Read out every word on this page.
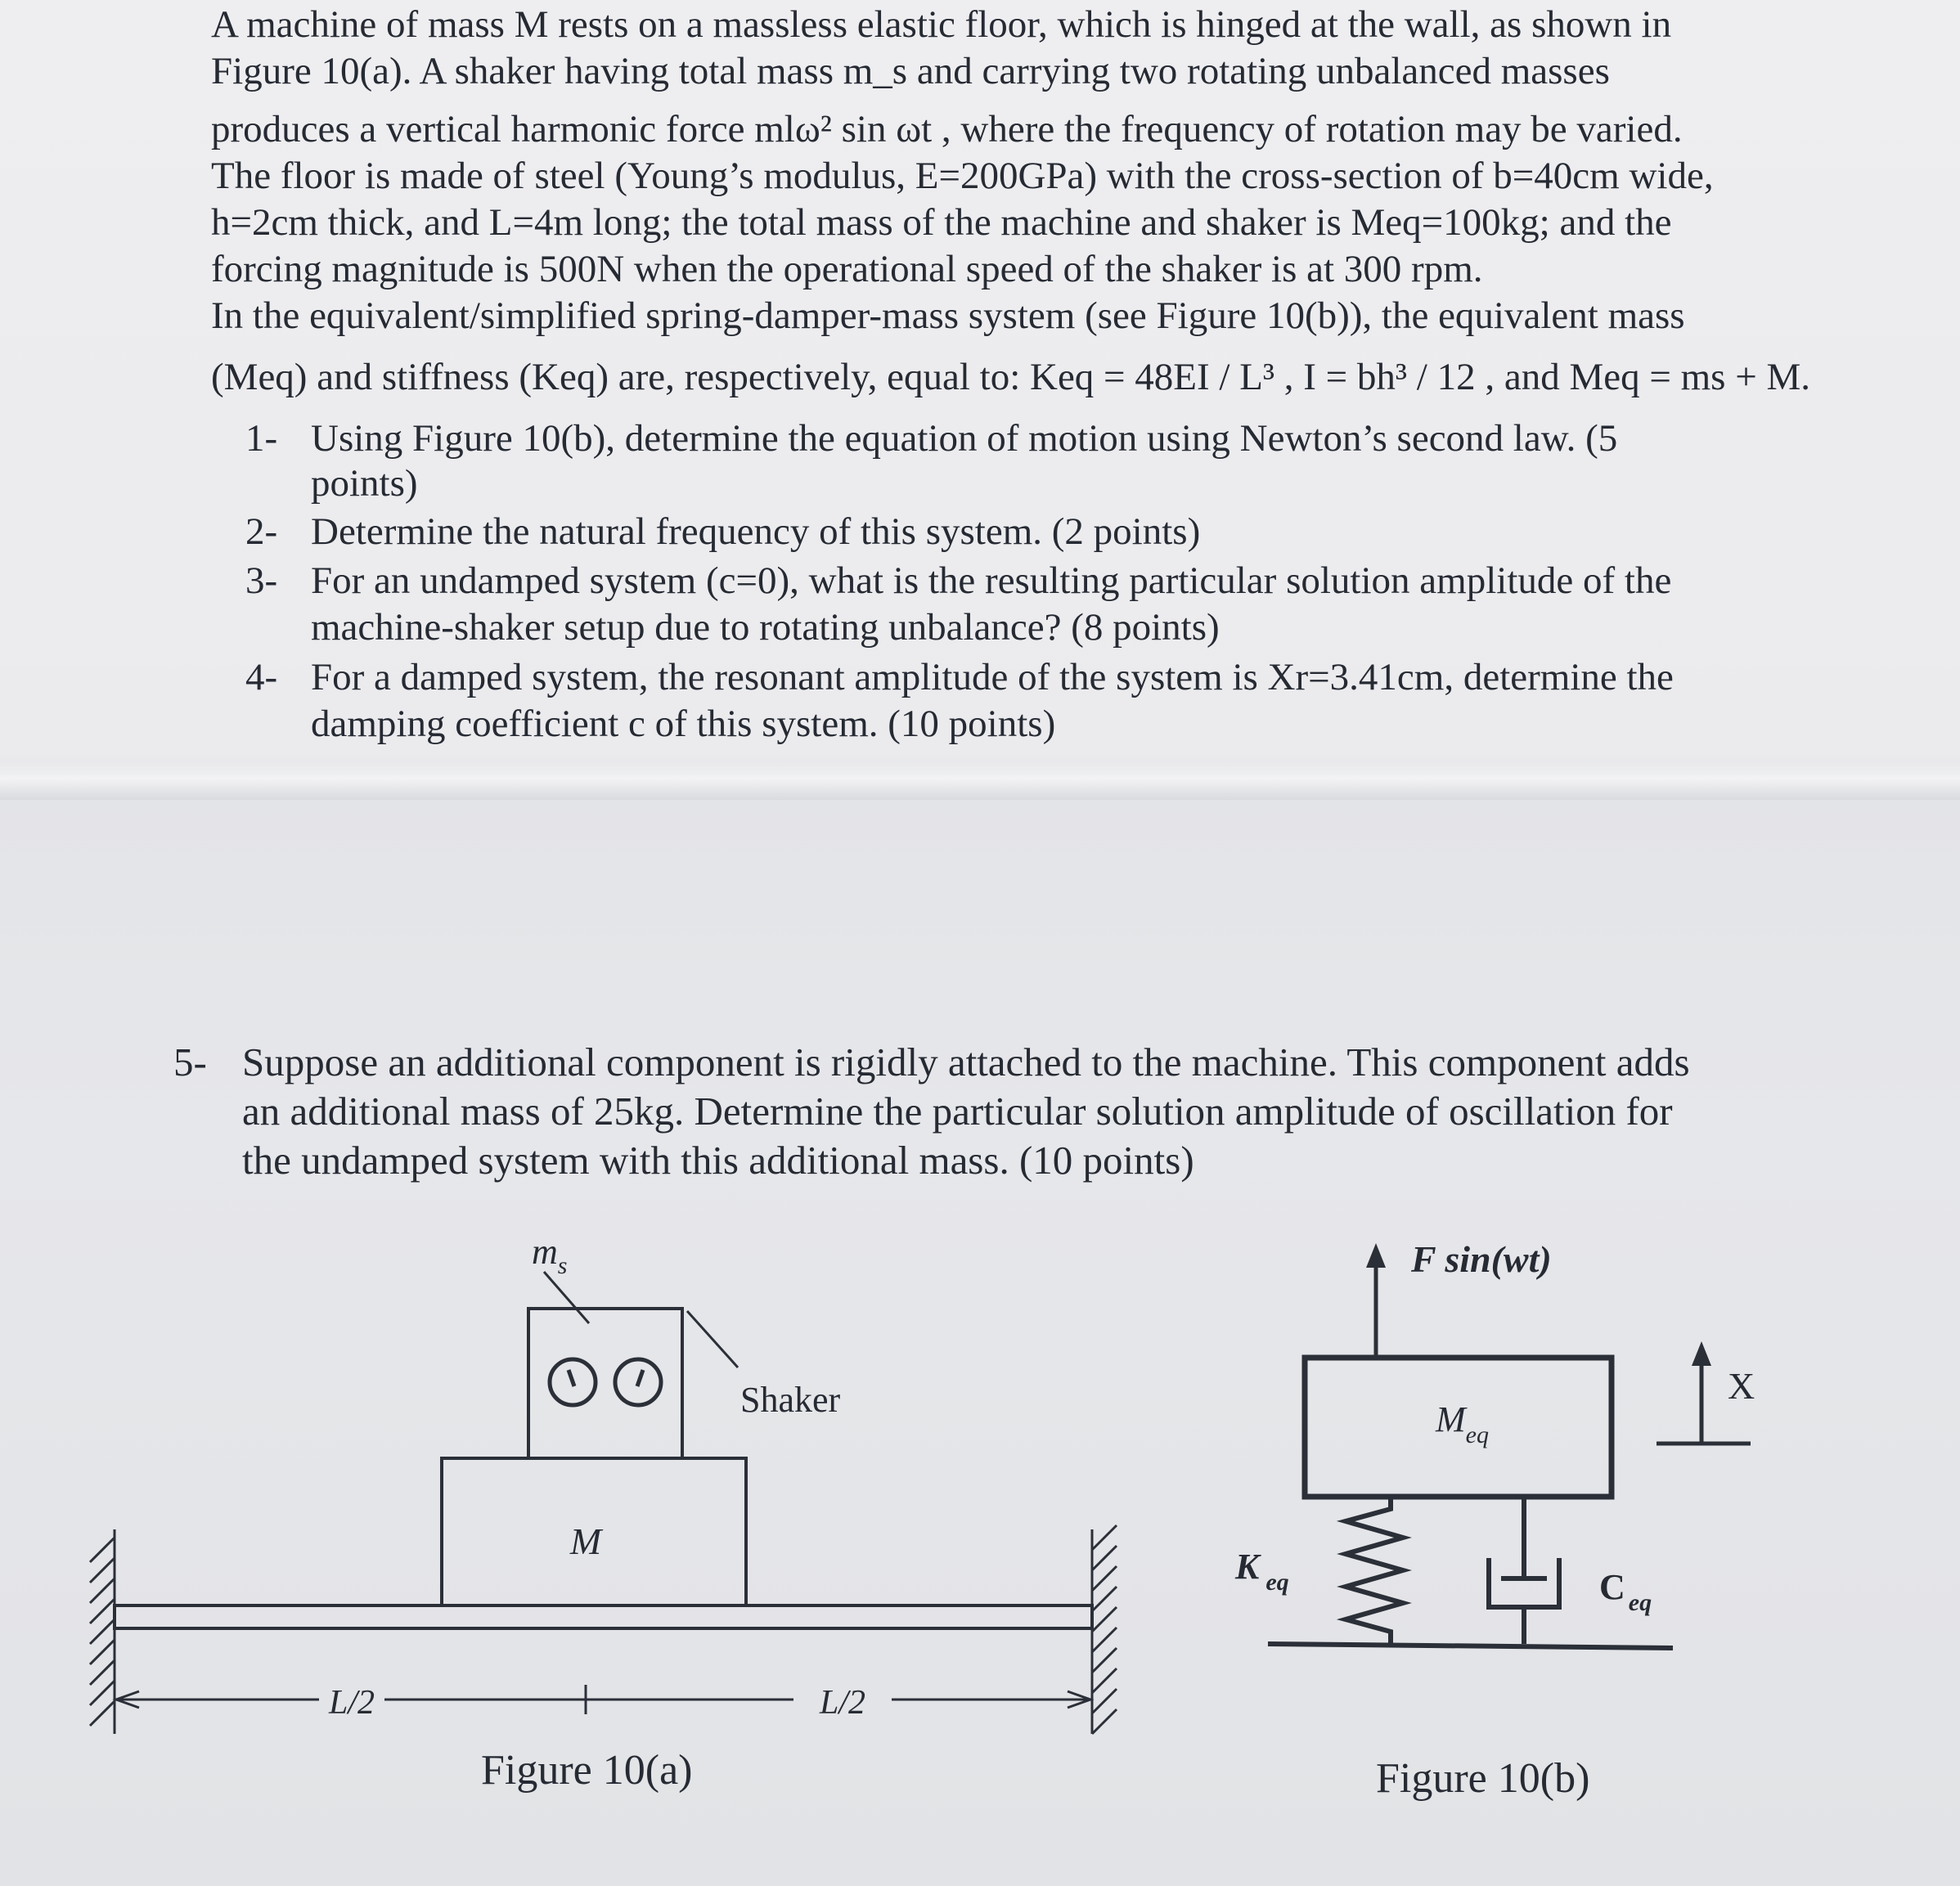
A machine of mass M rests on a massless elastic floor, which is hinged at the wall, as shown in
Figure 10(a). A shaker having total mass m_s and carrying two rotating unbalanced masses
produces a vertical harmonic force mlω² sin ωt , where the frequency of rotation may be varied.
The floor is made of steel (Young’s modulus, E=200GPa) with the cross-section of b=40cm wide,
h=2cm thick, and L=4m long; the total mass of the machine and shaker is Meq=100kg; and the
forcing magnitude is 500N when the operational speed of the shaker is at 300 rpm.
In the equivalent/simplified spring-damper-mass system (see Figure 10(b)), the equivalent mass
(Meq) and stiffness (Keq) are, respectively, equal to: Keq = 48EI / L³ , I = bh³ / 12 , and Meq = ms + M.
1- Using Figure 10(b), determine the equation of motion using Newton’s second law. (5
points)
2- Determine the natural frequency of this system. (2 points)
3- For an undamped system (c=0), what is the resulting particular solution amplitude of the
machine-shaker setup due to rotating unbalance? (8 points)
4- For a damped system, the resonant amplitude of the system is Xr=3.41cm, determine the
damping coefficient c of this system. (10 points)
5- Suppose an additional component is rigidly attached to the machine. This component adds
an additional mass of 25kg. Determine the particular solution amplitude of oscillation for
the undamped system with this additional mass. (10 points)
M
$m_s$
Shaker
L/2	L/2
Figure 10(a)
F sin(wt)
$M_{eq}$
X
K $_{eq}$	C $_{eq}$
Figure 10(b)
